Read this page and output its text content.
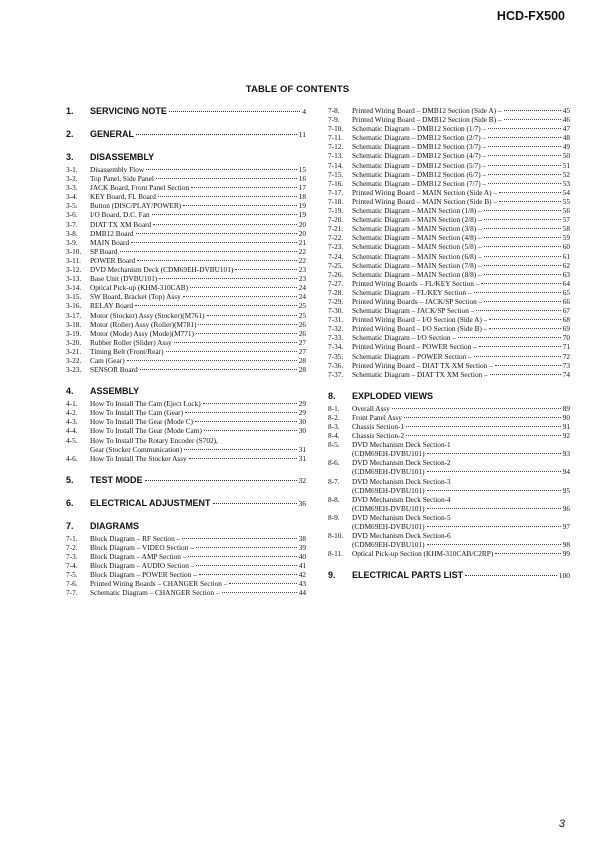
HCD-FX500
TABLE OF CONTENTS
1.	SERVICING NOTE	4
2.	GENERAL	11
3.	DISASSEMBLY
3-1.	Disassembly Flow	15
3-2.	Top Panel, Side Panel	16
3-3.	JACK Board, Front Panel Section	17
3-4.	KEY Board, FL Board	18
3-5.	Button (DISC/PLAY/POWER)	19
3-6.	I/O Board, D.C. Fan	19
3-7.	DIAT TX XM Board	20
3-8.	DMB12 Board	20
3-9.	MAIN Board	21
3-10.	SP Board	22
3-11.	POWER Board	22
3-12.	DVD Mechanism Deck (CDM69EH-DVBU101)	23
3-13.	Base Unit (DVBU101)	23
3-14.	Optical Pick-up (KHM-310CAB)	24
3-15.	SW Board, Bracket (Top) Assy	24
3-16.	RELAY Board	25
3-17.	Motor (Stocker) Assy (Stocker)(M761)	25
3-18.	Motor (Roller) Assy (Roller)(M781)	26
3-19.	Motor (Mode) Assy (Mode)(M771)	26
3-20.	Rubber Roller (Slider) Assy	27
3-21.	Timing Belt (Front/Rear)	27
3-22.	Cam (Gear)	28
3-23.	SENSOR Board	28
4.	ASSEMBLY
4-1.	How To Install The Cam (Eject Lock)	29
4-2.	How To Install The Cam (Gear)	29
4-3.	How To Install The Gear (Mode C)	30
4-4.	How To Install The Gear (Mode Cam)	30
4-5.	How To Install The Rotary Encoder (S702),
Gear (Stocker Communication)	31
4-6.	How To Install The Stocker Assy	31
5.	TEST MODE	32
6.	ELECTRICAL ADJUSTMENT	36
7.	DIAGRAMS
7-1.	Block Diagram – RF Section –	38
7-2.	Block Diagram – VIDEO Section –	39
7-3.	Block Diagram – AMP Section –	40
7-4.	Block Diagram – AUDIO Section –	41
7-5.	Block Diagram – POWER Section –	42
7-6.	Printed Wiring Boards – CHANGER Section –	43
7-7.	Schematic Diagram – CHANGER Section –	44
7-8.	Printed Wiring Board – DMB12 Section (Side A) –	45
7-9.	Printed Wiring Board – DMB12 Section (Side B) –	46
7-10.	Schematic Diagram – DMB12 Section (1/7) –	47
7-11.	Schematic Diagram – DMB12 Section (2/7) –	48
7-12.	Schematic Diagram – DMB12 Section (3/7) –	49
7-13.	Schematic Diagram – DMB12 Section (4/7) –	50
7-14.	Schematic Diagram – DMB12 Section (5/7) –	51
7-15.	Schematic Diagram – DMB12 Section (6/7) –	52
7-16.	Schematic Diagram – DMB12 Section (7/7) –	53
7-17.	Printed Wiring Board – MAIN Section (Side A) –	54
7-18.	Printed Wiring Board – MAIN Section (Side B) –	55
7-19.	Schematic Diagram – MAIN Section (1/8) –	56
7-20.	Schematic Diagram – MAIN Section (2/8) –	57
7-21.	Schematic Diagram – MAIN Section (3/8) –	58
7-22.	Schematic Diagram – MAIN Section (4/8) –	59
7-23.	Schematic Diagram – MAIN Section (5/8) –	60
7-24.	Schematic Diagram – MAIN Section (6/8) –	61
7-25.	Schematic Diagram – MAIN Section (7/8) –	62
7-26.	Schematic Diagram – MAIN Section (8/8) –	63
7-27.	Printed Wiring Boards – FL/KEY Section –	64
7-28.	Schematic Diagram – FL/KEY Section –	65
7-29.	Printed Wiring Boards – JACK/SP Section –	66
7-30.	Schematic Diagram – JACK/SP Section –	67
7-31.	Printed Wiring Board – I/O Section (Side A) –	68
7-32.	Printed Wiring Board – I/O Section (Side B) –	69
7-33.	Schematic Diagram – I/O Section –	70
7-34.	Printed Wiring Board – POWER Section –	71
7-35.	Schematic Diagram – POWER Section –	72
7-36.	Printed Wiring Board – DIAT TX XM Section –	73
7-37.	Schematic Diagram – DIAT TX XM Section –	74
8.	EXPLODED VIEWS
8-1.	Overall Assy	89
8-2.	Front Panel Assy	90
8-3.	Chassis Section-1	91
8-4.	Chassis Section-2	92
8-5.	DVD Mechanism Deck Section-1
(CDM69EH-DVBU101)	93
8-6.	DVD Mechanism Deck Section-2
(CDM69EH-DVBU101)	94
8-7.	DVD Mechanism Deck Section-3
(CDM69EH-DVBU101)	95
8-8.	DVD Mechanism Deck Section-4
(CDM69EH-DVBU101)	96
8-9.	DVD Mechanism Deck Section-5
(CDM69EH-DVBU101)	97
8-10.	DVD Mechanism Deck Section-6
(CDM69EH-DVBU101)	98
8-11.	Optical Pick-up Section (KHM-310CAB/C2RP)	99
9.	ELECTRICAL PARTS LIST	100
3
